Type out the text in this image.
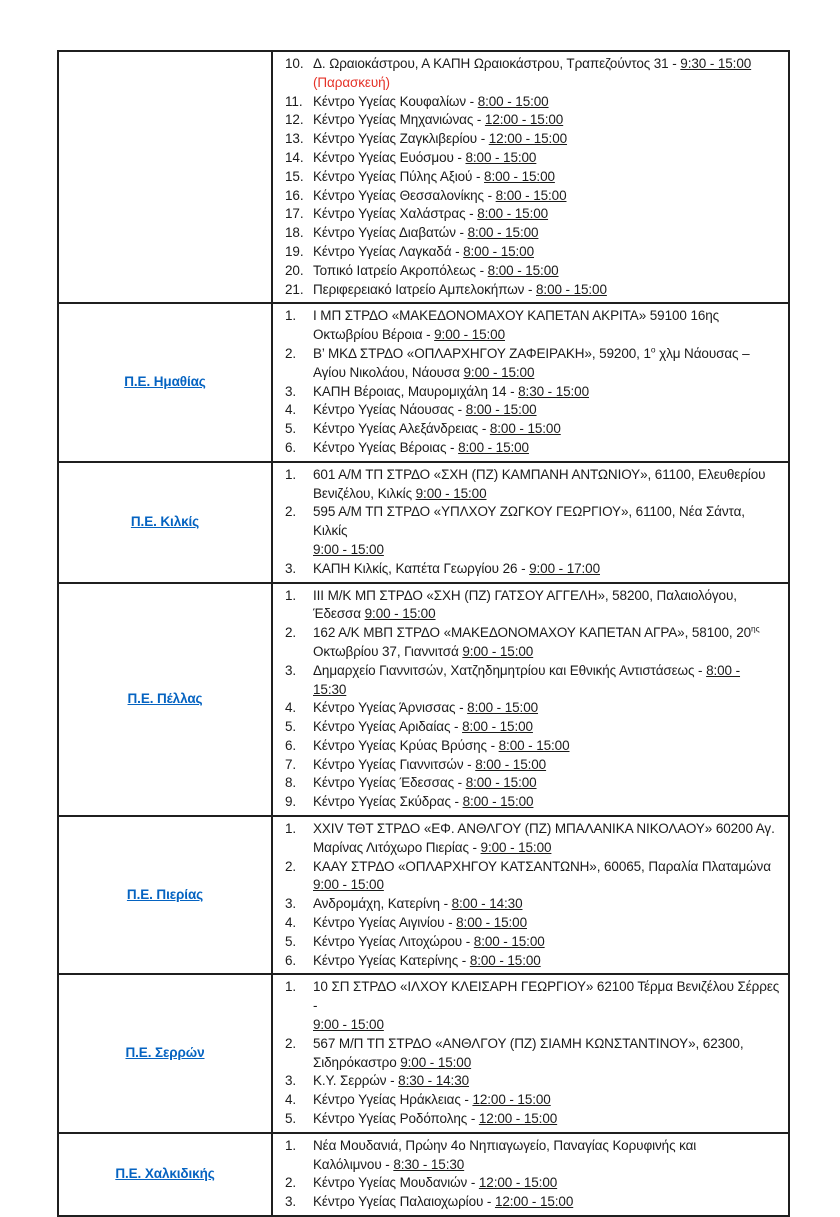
10. Δ. Ωραιοκάστρου, Α ΚΑΠΗ Ωραιοκάστρου, Τραπεζούντος 31 - 9:30 - 15:00
(Παρασκευή)
11. Κέντρο Υγείας Κουφαλίων - 8:00 - 15:00
12. Κέντρο Υγείας Μηχανιώνας - 12:00 - 15:00
13. Κέντρο Υγείας Ζαγκλιβερίου - 12:00 - 15:00
14. Κέντρο Υγείας Ευόσμου - 8:00 - 15:00
15. Κέντρο Υγείας Πύλης Αξιού - 8:00 - 15:00
16. Κέντρο Υγείας Θεσσαλονίκης - 8:00 - 15:00
17. Κέντρο Υγείας Χαλάστρας - 8:00 - 15:00
18. Κέντρο Υγείας Διαβατών - 8:00 - 15:00
19. Κέντρο Υγείας Λαγκαδά - 8:00 - 15:00
20. Τοπικό Ιατρείο Ακροπόλεως - 8:00 - 15:00
21. Περιφερειακό Ιατρείο Αμπελοκήπων - 8:00 - 15:00

Π.Ε. Ημαθίας	
1.	Ι ΜΠ ΣΤΡΔΟ «ΜΑΚΕΔΟΝΟΜΑΧΟΥ ΚΑΠΕΤΑΝ ΑΚΡΙΤΑ» 59100 16ης
Οκτωβρίου Βέροια - 9:00 - 15:00
2.	Β’ ΜΚΔ ΣΤΡΔΟ «ΟΠΛΑΡΧΗΓΟΥ ΖΑΦΕΙΡΑΚΗ», 59200, $1^o$ χλμ Νάουσας –
Αγίου Νικολάου, Νάουσα 9:00 - 15:00
3.	ΚΑΠΗ Βέροιας, Μαυρομιχάλη 14 - 8:30 - 15:00
4.	Κέντρο Υγείας Νάουσας - 8:00 - 15:00
5.	Κέντρο Υγείας Αλεξάνδρειας - 8:00 - 15:00
6.	Κέντρο Υγείας Βέροιας - 8:00 - 15:00

Π.Ε. Κιλκίς	
1.	601 Α/Μ ΤΠ ΣΤΡΔΟ «ΣΧΗ (ΠΖ) ΚΑΜΠΑΝΗ ΑΝΤΩΝΙΟΥ», 61100, Ελευθερίου
Βενιζέλου, Κιλκίς 9:00 - 15:00
2.	595 Α/Μ ΤΠ ΣΤΡΔΟ «ΥΠΛΧΟΥ ΖΩΓΚΟΥ ΓΕΩΡΓΙΟΥ», 61100, Νέα Σάντα, Κιλκίς
9:00 - 15:00
3.	ΚΑΠΗ Κιλκίς, Καπέτα Γεωργίου 26 - 9:00 - 17:00

Π.Ε. Πέλλας	
1.	ΙΙΙ Μ/Κ ΜΠ ΣΤΡΔΟ «ΣΧΗ (ΠΖ) ΓΑΤΣΟΥ ΑΓΓΕΛΗ», 58200, Παλαιολόγου,
Έδεσσα 9:00 - 15:00
2.	162 Α/Κ ΜΒΠ ΣΤΡΔΟ «ΜΑΚΕΔΟΝΟΜΑΧΟΥ ΚΑΠΕΤΑΝ ΑΓΡΑ», 58100, $20^{\eta\varsigma}$
Οκτωβρίου 37, Γιαννιτσά 9:00 - 15:00
3.	Δημαρχείο Γιαννιτσών, Χατζηδημητρίου και Εθνικής Αντιστάσεως - 8:00 -
15:30
4.	Κέντρο Υγείας Άρνισσας - 8:00 - 15:00
5.	Κέντρο Υγείας Αριδαίας - 8:00 - 15:00
6.	Κέντρο Υγείας Κρύας Βρύσης - 8:00 - 15:00
7.	Κέντρο Υγείας Γιαννιτσών - 8:00 - 15:00
8.	Κέντρο Υγείας Έδεσσας - 8:00 - 15:00
9.	Κέντρο Υγείας Σκύδρας - 8:00 - 15:00

Π.Ε. Πιερίας	
1.	XXIV ΤΘΤ ΣΤΡΔΟ «ΕΦ. ΑΝΘΛΓΟΥ (ΠΖ) ΜΠΑΛΑΝΙΚΑ ΝΙΚΟΛΑΟΥ» 60200 Αγ.
Μαρίνας Λιτόχωρο Πιερίας - 9:00 - 15:00
2.	ΚΑΑΥ ΣΤΡΔΟ «ΟΠΛΑΡΧΗΓΟΥ ΚΑΤΣΑΝΤΩΝΗ», 60065, Παραλία Πλαταμώνα
9:00 - 15:00
3.	Ανδρομάχη, Κατερίνη - 8:00 - 14:30
4.	Κέντρο Υγείας Αιγινίου - 8:00 - 15:00
5.	Κέντρο Υγείας Λιτοχώρου - 8:00 - 15:00
6.	Κέντρο Υγείας Κατερίνης - 8:00 - 15:00

Π.Ε. Σερρών	
1.	10 ΣΠ ΣΤΡΔΟ «ΙΛΧΟΥ ΚΛΕΙΣΑΡΗ ΓΕΩΡΓΙΟΥ» 62100 Τέρμα Βενιζέλου Σέρρες -
9:00 - 15:00
2.	567 Μ/Π ΤΠ ΣΤΡΔΟ «ΑΝΘΛΓΟΥ (ΠΖ) ΣΙΑΜΗ ΚΩΝΣΤΑΝΤΙΝΟΥ», 62300,
Σιδηρόκαστρο 9:00 - 15:00
3.	Κ.Υ. Σερρών - 8:30 - 14:30
4.	Κέντρο Υγείας Ηράκλειας - 12:00 - 15:00
5.	Κέντρο Υγείας Ροδόπολης - 12:00 - 15:00

Π.Ε. Χαλκιδικής	
1.	Νέα Μουδανιά, Πρώην 4ο Νηπιαγωγείο, Παναγίας Κορυφινής και
Καλόλιμνου - 8:30 - 15:30
2.	Κέντρο Υγείας Μουδανιών - 12:00 - 15:00
3.	Κέντρο Υγείας Παλαιοχωρίου - 12:00 - 15:00
